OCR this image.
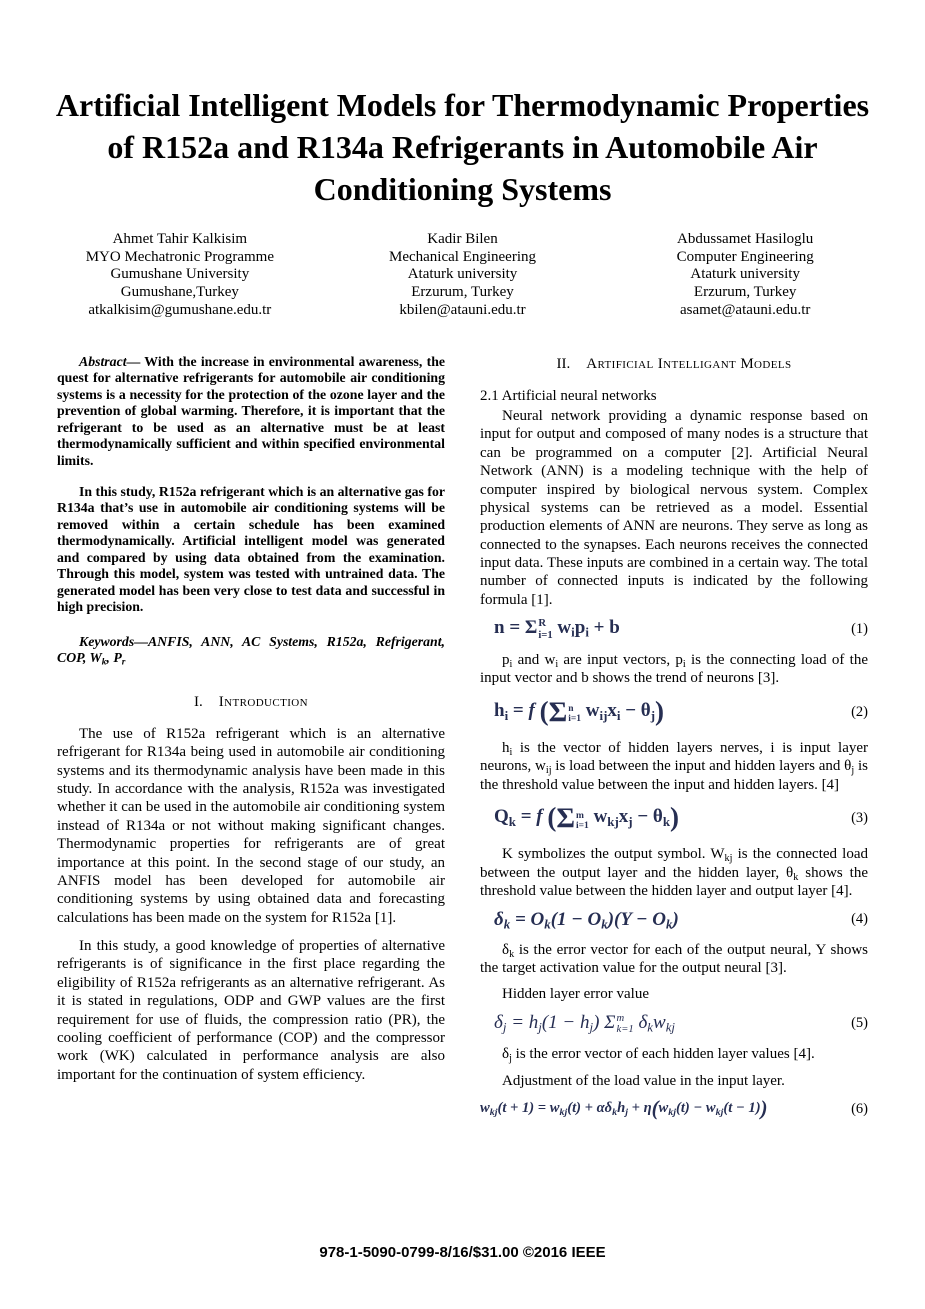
Artificial Intelligent Models for Thermodynamic Properties of R152a and R134a Refrigerants in Automobile Air Conditioning Systems
Ahmet Tahir Kalkisim
MYO Mechatronic Programme
Gumushane University
Gumushane,Turkey
atkalkisim@gumushane.edu.tr
Kadir Bilen
Mechanical Engineering
Ataturk university
Erzurum, Turkey
kbilen@atauni.edu.tr
Abdussamet Hasiloglu
Computer Engineering
Ataturk university
Erzurum, Turkey
asamet@atauni.edu.tr

Abstract— With the increase in environmental awareness, the quest for alternative refrigerants for automobile air conditioning systems is a necessity for the protection of the ozone layer and the prevention of global warming. Therefore, it is important that the refrigerant to be used as an alternative must be at least thermodynamically sufficient and within specified environmental limits.

In this study, R152a refrigerant which is an alternative gas for R134a that’s use in automobile air conditioning systems will be removed within a certain schedule has been examined thermodynamically. Artificial intelligent model was generated and compared by using data obtained from the examination. Through this model, system was tested with untrained data. The generated model has been very close to test data and successful in high precision.

Keywords—ANFIS, ANN, AC Systems, R152a, Refrigerant, COP, $W_k$, $P_r$

I. Introduction

The use of R152a refrigerant which is an alternative refrigerant for R134a being used in automobile air conditioning systems and its thermodynamic analysis have been made in this study. In accordance with the analysis, R152a was investigated whether it can be used in the automobile air conditioning system instead of R134a or not without making significant changes. Thermodynamic properties for refrigerants are of great importance at this point. In the second stage of our study, an ANFIS model has been developed for automobile air conditioning systems by using obtained data and forecasting calculations has been made on the system for R152a [1].

In this study, a good knowledge of properties of alternative refrigerants is of significance in the first place regarding the eligibility of R152a refrigerants as an alternative refrigerant. As it is stated in regulations, ODP and GWP values are the first requirement for use of fluids, the compression ratio (PR), the cooling coefficient of performance (COP) and the compressor work (WK) calculated in performance analysis are also important for the continuation of system efficiency.

II. Artificial Intelligant Models

2.1 Artificial neural networks

Neural network providing a dynamic response based on input for output and composed of many nodes is a structure that can be programmed on a computer [2]. Artificial Neural Network (ANN) is a modeling technique with the help of computer inspired by biological nervous system. Complex physical systems can be retrieved as a model. Essential production elements of ANN are neurons. They serve as long as connected to the synapses. Each neurons receives the connected input data. These inputs are combined in a certain way. The total number of connected inputs is indicated by the following formula [1].

n = Σ R
i=1 $w_ip_i + b$	(1)

$p_i$ and $w_i$ are input vectors, $p_i$ is the connecting load of the input vector and b shows the trend of neurons [3].

$h_i = f$ (Σ n
i=1 $w_{ij}x_i - \theta_j$)	(2)

$h_i$ is the vector of hidden layers nerves, i is input layer neurons, $w_{ij}$ is load between the input and hidden layers and $\theta_j$ is the threshold value between the input and hidden layers. [4]

$Q_k = f$ (Σ m
i=1 $w_{kj}x_j - \theta_k$)	(3)

K symbolizes the output symbol. $W_{kj}$ is the connected load between the output layer and the hidden layer, $\theta_k$ shows the threshold value between the hidden layer and output layer [4].

$\delta_k = O_k(1 - O_k)(Y - O_k)$	(4)

$\delta_k$ is the error vector for each of the output neural, Y shows the target activation value for the output neural [3].

Hidden layer error value

$\delta_j = h_j(1 - h_j)$ Σ m
k=1 $\delta_kw_{kj}$	(5)

$\delta_j$ is the error vector of each hidden layer values [4].

Adjustment of the load value in the input layer.

$w_{kj}(t + 1) = w_{kj}(t) + \alpha\delta_kh_j + \eta(w_{kj}(t) - w_{kj}(t - 1))$	(6)
978-1-5090-0799-8/16/$31.00 ©2016 IEEE
